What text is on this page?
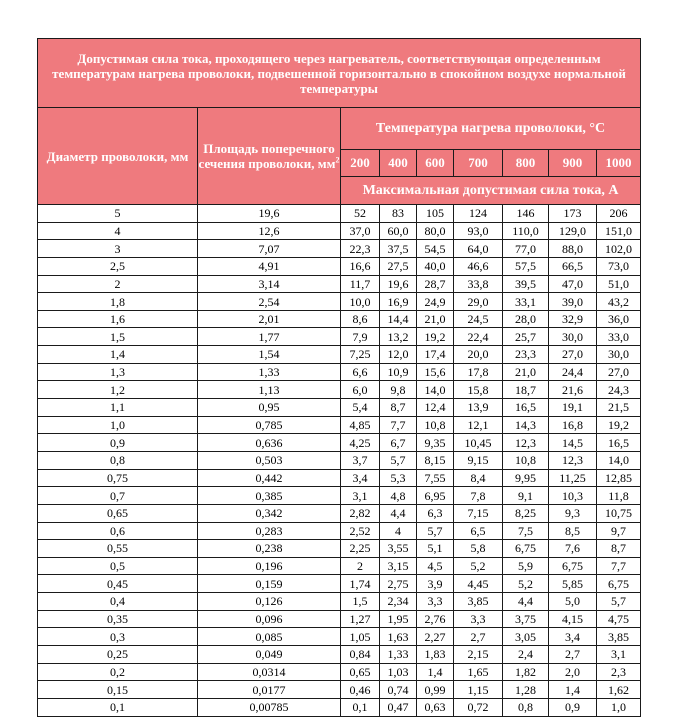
Допустимая сила тока, проходящего через нагреватель, соответствующая определенным температурам нагрева проволоки, подвешенной горизонтально в спокойном воздухе нормальной температуры								
Диаметр проволоки, мм	Площадь поперечного сечения проволоки, $мм^2$	Температура нагрева проволоки, °С						
		200	400	600	700	800	900	1000
		Максимальная допустимая сила тока, А						
5	19,6	52	83	105	124	146	173	206
4	12,6	37,0	60,0	80,0	93,0	110,0	129,0	151,0
3	7,07	22,3	37,5	54,5	64,0	77,0	88,0	102,0
2,5	4,91	16,6	27,5	40,0	46,6	57,5	66,5	73,0
2	3,14	11,7	19,6	28,7	33,8	39,5	47,0	51,0
1,8	2,54	10,0	16,9	24,9	29,0	33,1	39,0	43,2
1,6	2,01	8,6	14,4	21,0	24,5	28,0	32,9	36,0
1,5	1,77	7,9	13,2	19,2	22,4	25,7	30,0	33,0
1,4	1,54	7,25	12,0	17,4	20,0	23,3	27,0	30,0
1,3	1,33	6,6	10,9	15,6	17,8	21,0	24,4	27,0
1,2	1,13	6,0	9,8	14,0	15,8	18,7	21,6	24,3
1,1	0,95	5,4	8,7	12,4	13,9	16,5	19,1	21,5
1,0	0,785	4,85	7,7	10,8	12,1	14,3	16,8	19,2
0,9	0,636	4,25	6,7	9,35	10,45	12,3	14,5	16,5
0,8	0,503	3,7	5,7	8,15	9,15	10,8	12,3	14,0
0,75	0,442	3,4	5,3	7,55	8,4	9,95	11,25	12,85
0,7	0,385	3,1	4,8	6,95	7,8	9,1	10,3	11,8
0,65	0,342	2,82	4,4	6,3	7,15	8,25	9,3	10,75
0,6	0,283	2,52	4	5,7	6,5	7,5	8,5	9,7
0,55	0,238	2,25	3,55	5,1	5,8	6,75	7,6	8,7
0,5	0,196	2	3,15	4,5	5,2	5,9	6,75	7,7
0,45	0,159	1,74	2,75	3,9	4,45	5,2	5,85	6,75
0,4	0,126	1,5	2,34	3,3	3,85	4,4	5,0	5,7
0,35	0,096	1,27	1,95	2,76	3,3	3,75	4,15	4,75
0,3	0,085	1,05	1,63	2,27	2,7	3,05	3,4	3,85
0,25	0,049	0,84	1,33	1,83	2,15	2,4	2,7	3,1
0,2	0,0314	0,65	1,03	1,4	1,65	1,82	2,0	2,3
0,15	0,0177	0,46	0,74	0,99	1,15	1,28	1,4	1,62
0,1	0,00785	0,1	0,47	0,63	0,72	0,8	0,9	1,0
